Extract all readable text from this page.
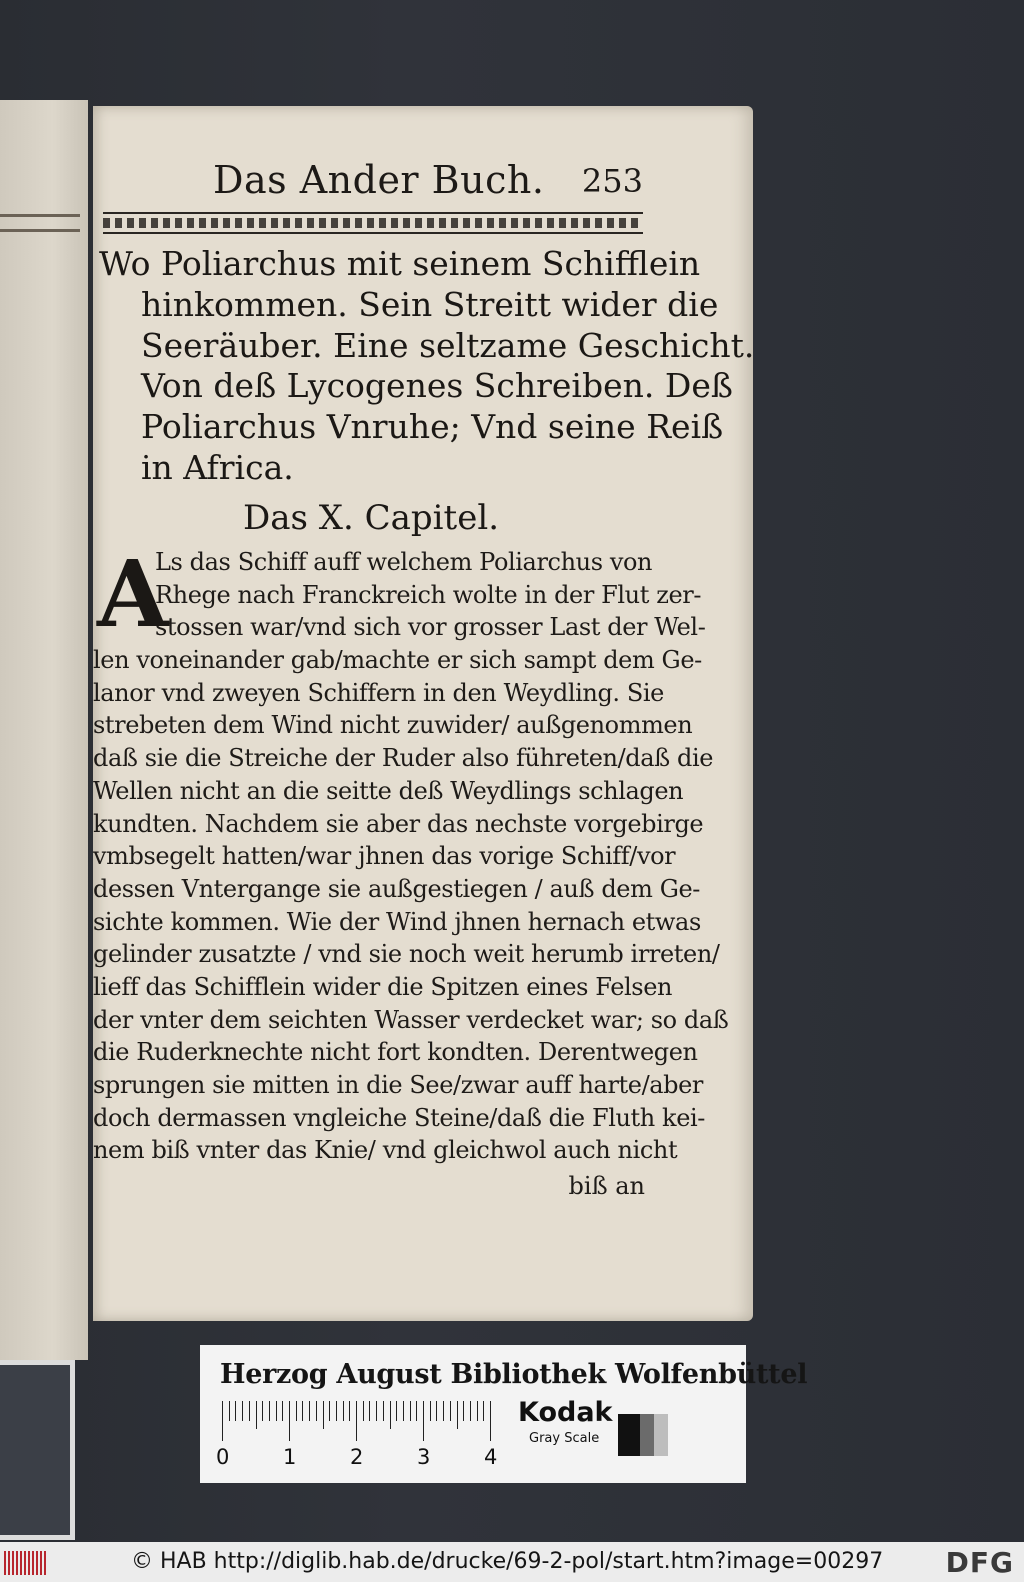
Das Ander Buch. 253
Wo Poliarchus mit seinem Schifflein
hinkommen. Sein Streitt wider die
Seeräuber. Eine seltzame Geschicht.
Von deß Lycogenes Schreiben. Deß
Poliarchus Vnruhe; Vnd seine Reiß
in Africa.
Das X. Capitel.
A
Ls das Schiff auff welchem Poliarchus von
Rhege nach Franckreich wolte in der Flut zer-
stossen war/vnd sich vor grosser Last der Wel-
len voneinander gab/machte er sich sampt dem Ge-
lanor vnd zweyen Schiffern in den Weydling. Sie
strebeten dem Wind nicht zuwider/ außgenommen
daß sie die Streiche der Ruder also führeten/daß die
Wellen nicht an die seitte deß Weydlings schlagen
kundten. Nachdem sie aber das nechste vorgebirge
vmbsegelt hatten/war jhnen das vorige Schiff/vor
dessen Vntergange sie außgestiegen / auß dem Ge-
sichte kommen. Wie der Wind jhnen hernach etwas
gelinder zusatzte / vnd sie noch weit herumb irreten/
lieff das Schifflein wider die Spitzen eines Felsen
der vnter dem seichten Wasser verdecket war; so daß
die Ruderknechte nicht fort kondten. Derentwegen
sprungen sie mitten in die See/zwar auff harte/aber
doch dermassen vngleiche Steine/daß die Fluth kei-
nem biß vnter das Knie/ vnd gleichwol auch nicht
biß an
Herzog August Bibliothek Wolfenbüttel
0	1	2	3	4
Kodak
Gray Scale
© HAB http://diglib.hab.de/drucke/69-2-pol/start.htm?image=00297 DFG
